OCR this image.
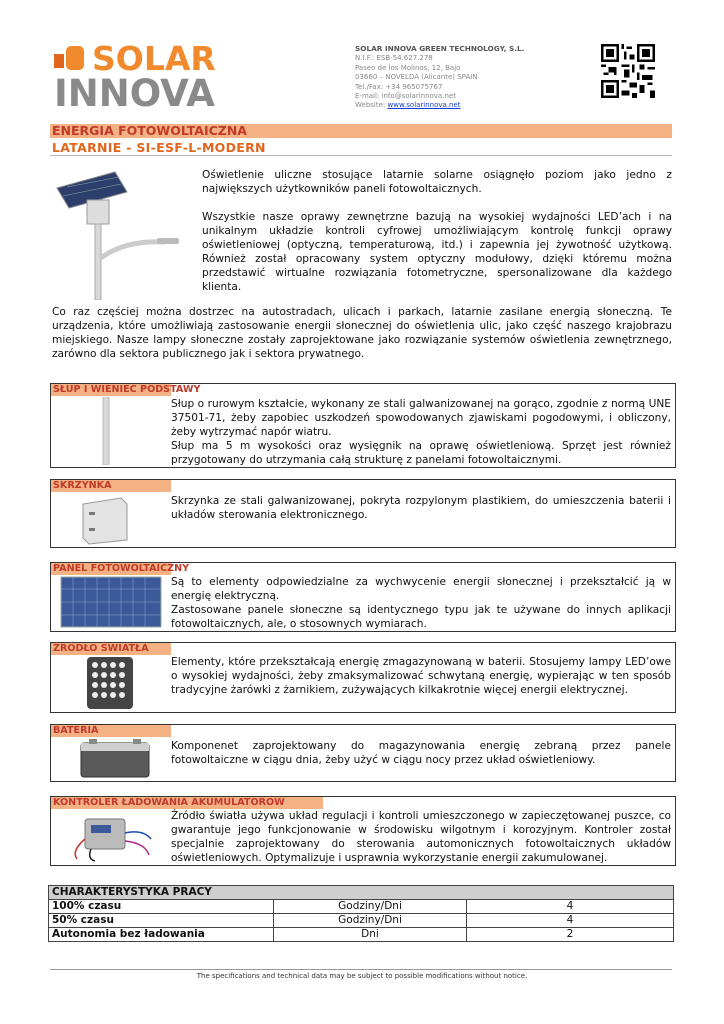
SOLAR
INNOVA
SOLAR INNOVA GREEN TECHNOLOGY, S.L.
N.I.F.: ESB-54.627.278
Paseo de los Molinos, 12, Bajo
03660 – NOVELDA (Alicante) SPAIN
Tel./Fax: +34 965075767
E-mail: info@solarinnova.net
Website: www.solarinnova.net
ENERGIA FOTOWOLTAICZNA
LATARNIE - SI-ESF-L-MODERN

Oświetlenie uliczne stosujące latarnie solarne osiągnęło poziom jako jedno z największych użytkowników paneli fotowoltaicznych.

Wszystkie nasze oprawy zewnętrzne bazują na wysokiej wydajności LED’ach i na unikalnym układzie kontroli cyfrowej umożliwiającym kontrolę funkcji oprawy oświetleniowej (optyczną, temperaturową, itd.) i zapewnia jej żywotność użytkową. Również został opracowany system optyczny modułowy, dzięki któremu można przedstawić wirtualne rozwiązania fotometryczne, spersonalizowane dla każdego klienta.

Co raz częściej można dostrzec na autostradach, ulicach i parkach, latarnie zasilane energią słoneczną. Te urządzenia, które umożliwiają zastosowanie energii słonecznej do oświetlenia ulic, jako część naszego krajobrazu miejskiego. Nasze lampy słoneczne zostały zaprojektowane jako rozwiązanie systemów oświetlenia zewnętrznego, zarówno dla sektora publicznego jak i sektora prywatnego.

SŁUP I WIENIEC PODSTAWY

Słup o rurowym kształcie, wykonany ze stali galwanizowanej na gorąco, zgodnie z normą UNE 37501-71, żeby zapobiec uszkodzeń spowodowanych zjawiskami pogodowymi, i obliczony, żeby wytrzymać napór wiatru.

Słup ma 5 m wysokości oraz wysięgnik na oprawę oświetleniową. Sprzęt jest również przygotowany do utrzymania całą strukturę z panelami fotowoltaicznymi.

SKRZYNKA

Skrzynka ze stali galwanizowanej, pokryta rozpylonym plastikiem, do umieszczenia baterii i układów sterowania elektronicznego.

PANEL FOTOWOLTAICZNY

Są to elementy odpowiedzialne za wychwycenie energii słonecznej i przekształcić ją w energię elektryczną.

Zastosowane panele słoneczne są identycznego typu jak te używane do innych aplikacji fotowoltaicznych, ale, o stosownych wymiarach.

ŹRÓDŁO ŚWIATŁA

Elementy, które przekształcają energię zmagazynowaną w baterii. Stosujemy lampy LED’owe o wysokiej wydajności, żeby zmaksymalizować schwytaną energię, wypierając w ten sposób tradycyjne żarówki z żarnikiem, zużywających kilkakrotnie więcej energii elektrycznej.

BATERIA

Komponenet zaprojektowany do magazynowania energię zebraną przez panele fotowoltaiczne w ciągu dnia, żeby użyć w ciągu nocy przez układ oświetleniowy.

KONTROLER ŁADOWANIA AKUMULATORÓW

Źródło światła używa układ regulacji i kontroli umieszczonego w zapieczętowanej puszce, co gwarantuje jego funkcjonowanie w środowisku wilgotnym i korozyjnym. Kontroler został specjalnie zaprojektowany do sterowania automonicznych fotowoltaicznych układów oświetleniowych. Optymalizuje i usprawnia wykorzystanie energii zakumulowanej.

CHARAKTERYSTYKA PRACY		
100% czasu	Godziny/Dni	4
50% czasu	Godziny/Dni	4
Autonomia bez ładowania	Dni	2
The specifications and technical data may be subject to possible modifications without notice.
